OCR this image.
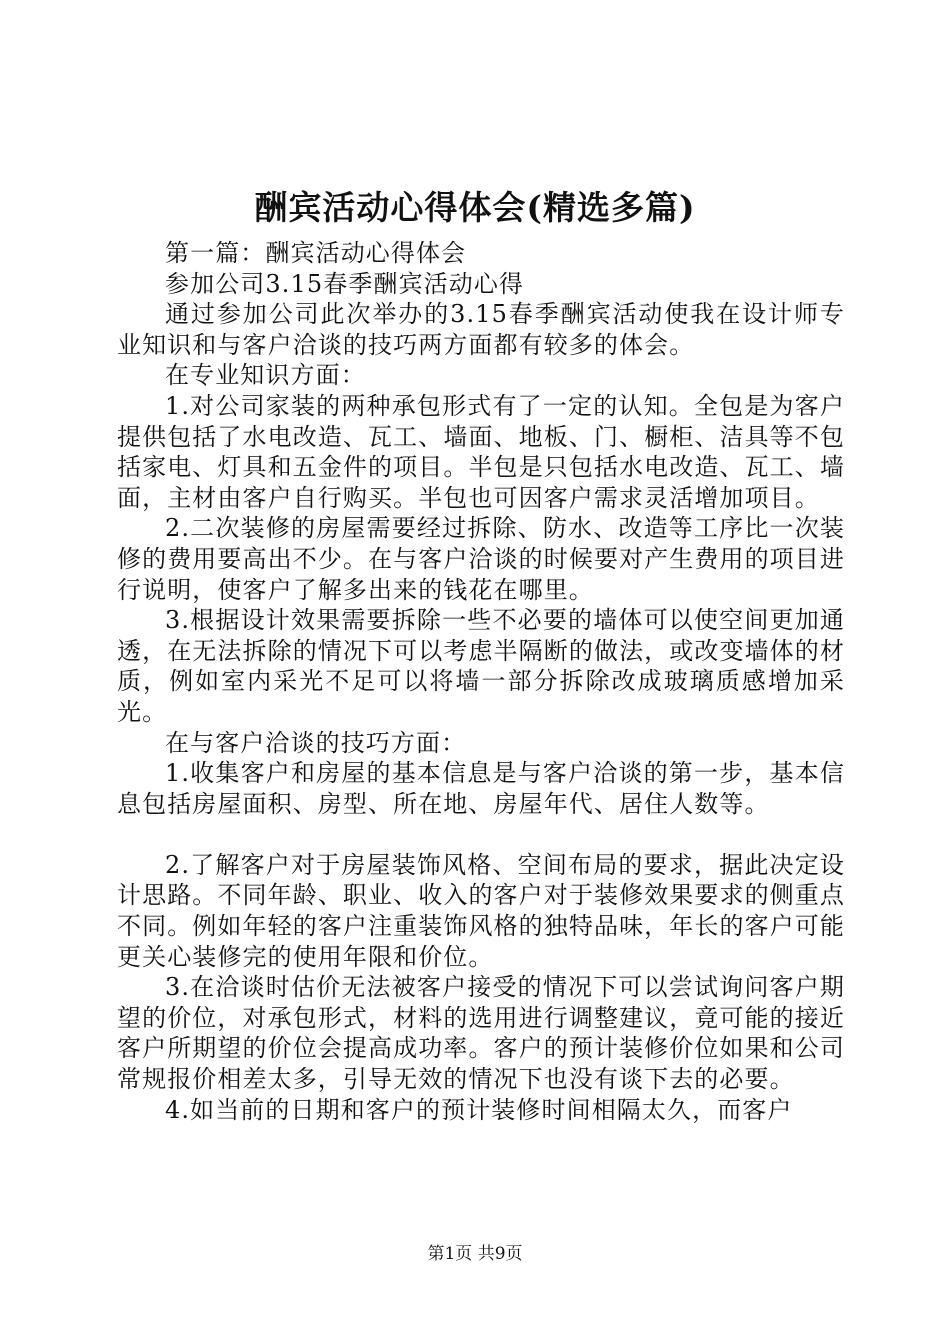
酬宾活动心得体会(精选多篇)

第一篇：酬宾活动心得体会

参加公司3.15春季酬宾活动心得

通过参加公司此次举办的3.15春季酬宾活动使我在设计师专业知识和与客户洽谈的技巧两方面都有较多的体会。

在专业知识方面：

1.对公司家装的两种承包形式有了一定的认知。全包是为客户提供包括了水电改造、瓦工、墙面、地板、门、橱柜、洁具等不包括家电、灯具和五金件的项目。半包是只包括水电改造、瓦工、墙面，主材由客户自行购买。半包也可因客户需求灵活增加项目。

2.二次装修的房屋需要经过拆除、防水、改造等工序比一次装修的费用要高出不少。在与客户洽谈的时候要对产生费用的项目进行说明，使客户了解多出来的钱花在哪里。

3.根据设计效果需要拆除一些不必要的墙体可以使空间更加通透，在无法拆除的情况下可以考虑半隔断的做法，或改变墙体的材质，例如室内采光不足可以将墙一部分拆除改成玻璃质感增加采光。

在与客户洽谈的技巧方面：

1.收集客户和房屋的基本信息是与客户洽谈的第一步，基本信息包括房屋面积、房型、所在地、房屋年代、居住人数等。

2.了解客户对于房屋装饰风格、空间布局的要求，据此决定设计思路。不同年龄、职业、收入的客户对于装修效果要求的侧重点不同。例如年轻的客户注重装饰风格的独特品味，年长的客户可能更关心装修完的使用年限和价位。

3.在洽谈时估价无法被客户接受的情况下可以尝试询问客户期望的价位，对承包形式，材料的选用进行调整建议，竟可能的接近客户所期望的价位会提高成功率。客户的预计装修价位如果和公司常规报价相差太多，引导无效的情况下也没有谈下去的必要。

4.如当前的日期和客户的预计装修时间相隔太久，而客户

第1页 共9页
